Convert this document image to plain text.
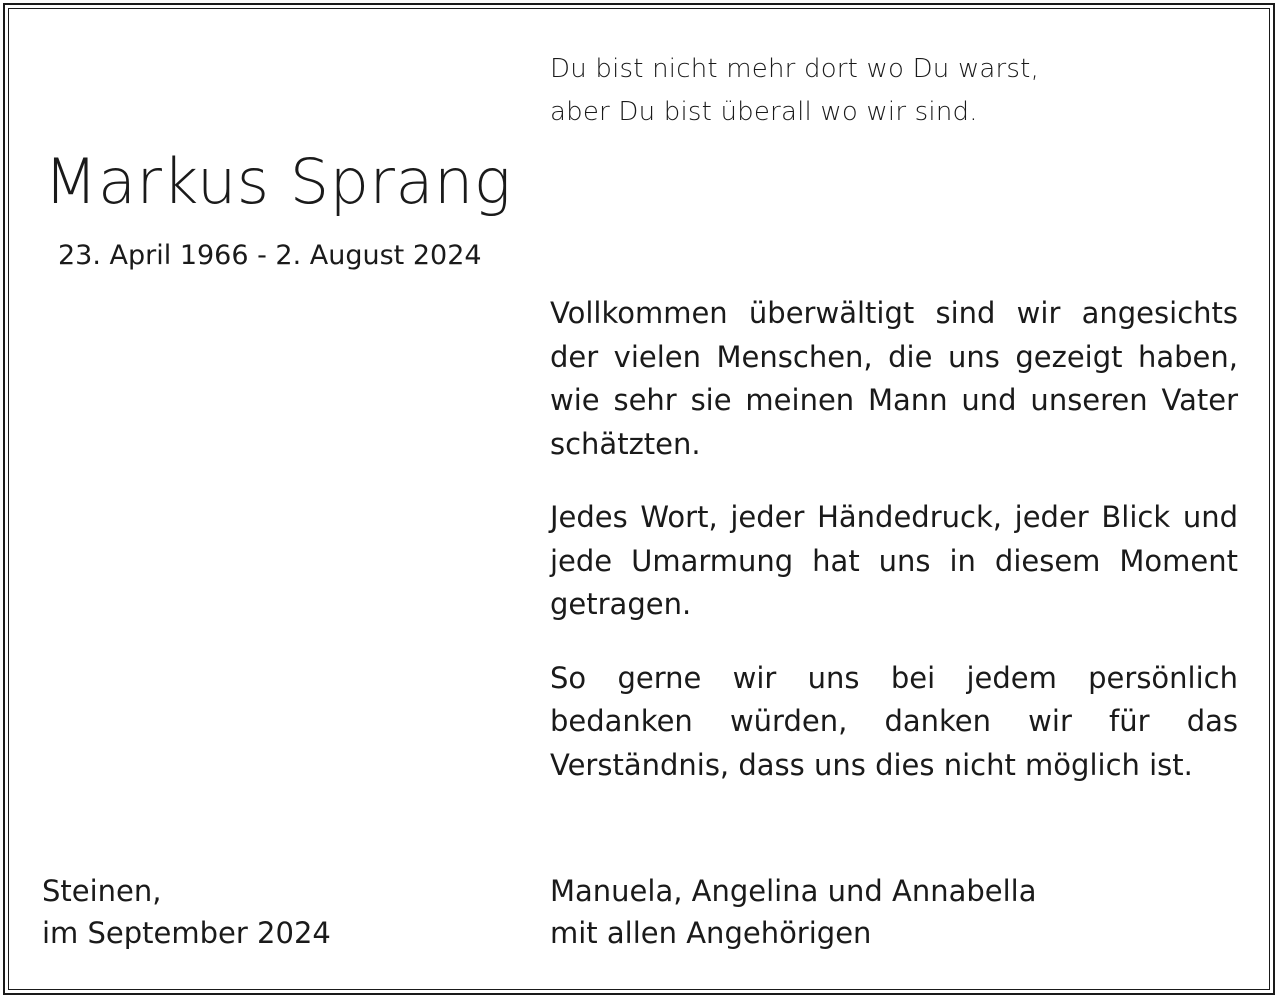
Du bist nicht mehr dort wo Du warst,
aber Du bist überall wo wir sind.
Markus Sprang
23. April 1966 - 2. August 2024

Vollkommen überwältigt sind wir angesichts der vielen Menschen, die uns gezeigt haben, wie sehr sie meinen Mann und unseren Vater schätzten.

Jedes Wort, jeder Händedruck, jeder Blick und jede Umarmung hat uns in diesem Moment getragen.

So gerne wir uns bei jedem persönlich bedanken würden, danken wir für das Verständnis, dass uns dies nicht möglich ist.

Steinen,
im September 2024
Manuela, Angelina und Annabella
mit allen Angehörigen
